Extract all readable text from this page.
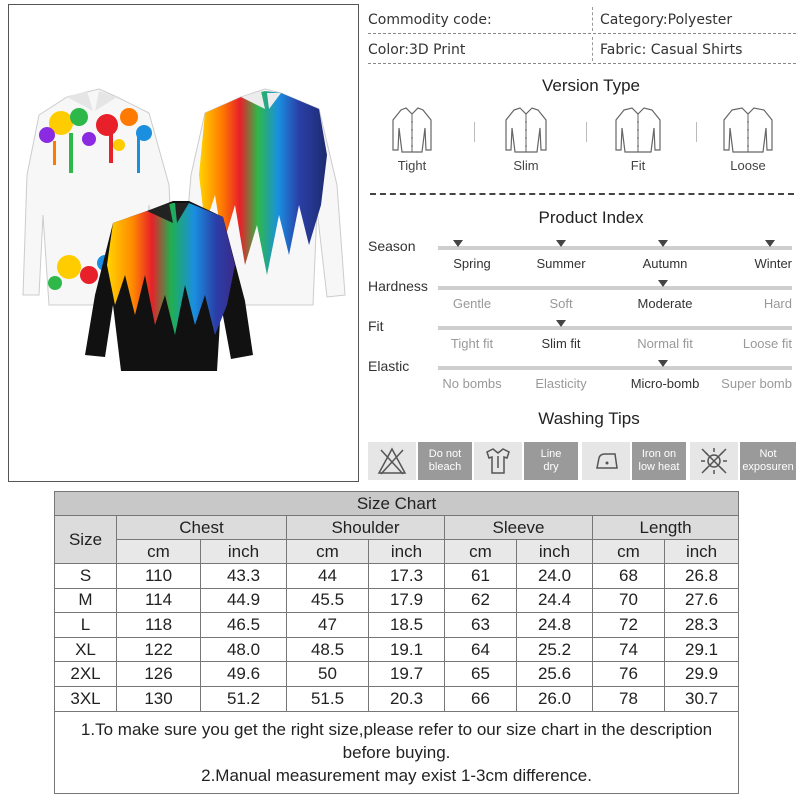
Commodity code:	Category:Polyester
Color:3D Print	Fabric: Casual Shirts
Version Type
Tight	Slim	Fit	Loose
Product Index
Season
Spring	Summer	Autumn	Winter
Hardness
Gentle	Soft	Moderate	Hard
Fit
Tight fit	Slim fit	Normal fit	Loose fit
Elastic
No bombs	Elasticity	Micro-bomb	Super bomb
Washing Tips
Do not
bleach
Line
dry
Iron on
low heat
Not
exposuren
Size Chart								
Size	Chest		Shoulder		Sleeve		Length	
	cm	inch	cm	inch	cm	inch	cm	inch
S	110	43.3	44	17.3	61	24.0	68	26.8
M	114	44.9	45.5	17.9	62	24.4	70	27.6
L	118	46.5	47	18.5	63	24.8	72	28.3
XL	122	48.0	48.5	19.1	64	25.2	74	29.1
2XL	126	49.6	50	19.7	65	25.6	76	29.9
3XL	130	51.2	51.5	20.3	66	26.0	78	30.7

1.To make sure you get the right size,please refer to our size chart in the description before buying.
2.Manual measurement may exist 1-3cm difference.								
